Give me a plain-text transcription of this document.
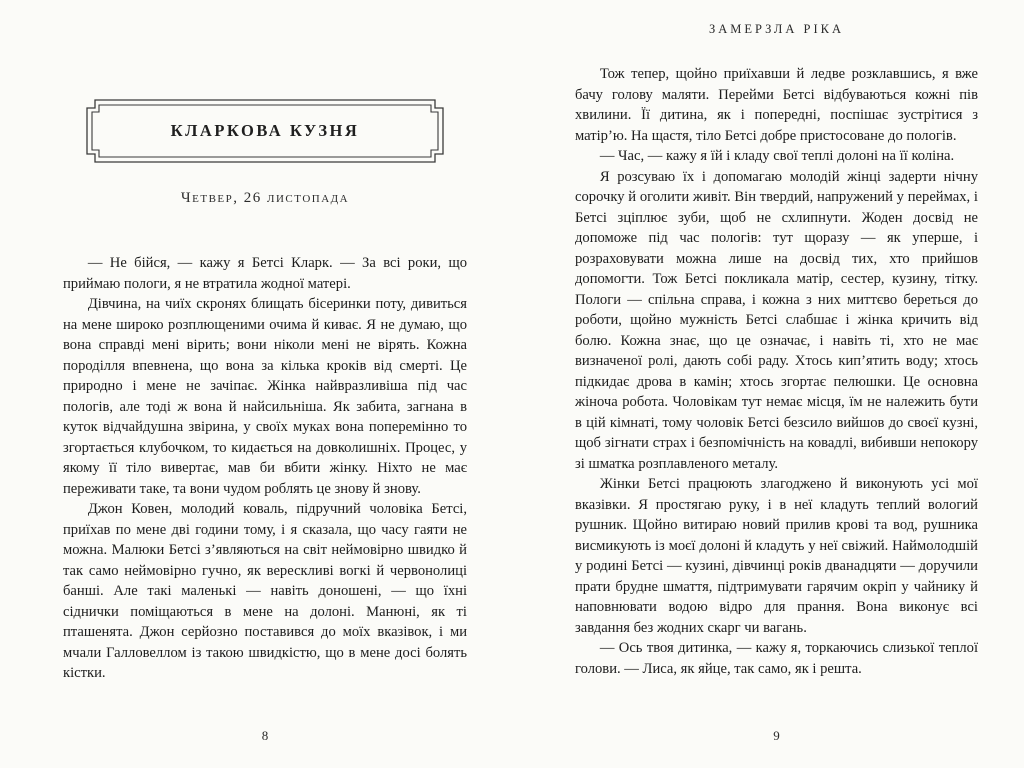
КЛАРКОВА КУЗНЯ
Четвер, 26 листопада

— Не бійся, — кажу я Бетсі Кларк. — За всі роки, що приймаю пологи, я не втратила жодної матері.

Дівчина, на чиїх скронях блищать бісеринки поту, дивиться на мене широко розплющеними очима й киває. Я не думаю, що вона справді мені вірить; вони ніколи мені не вірять. Кожна породілля впевнена, що вона за кілька кроків від смерті. Це природно і мене не зачіпає. Жінка найвразливіша під час пологів, але тоді ж вона й найсильніша. Як забита, загнана в куток відчайдушна звірина, у своїх муках вона поперемінно то згортається клубочком, то кидається на довколишніх. Процес, у якому її тіло вивертає, мав би вбити жінку. Ніхто не має переживати таке, та вони чудом роблять це знову й знову.

Джон Ковен, молодий коваль, підручний чоловіка Бетсі, приїхав по мене дві години тому, і я сказала, що часу гаяти не можна. Малюки Бетсі з’являються на світ неймовірно швидко й так само неймовірно гучно, як верескливі вогкі й червонолиці банші. Але такі маленькі — навіть доношені, — що їхні сіднички поміщаються в мене на долоні. Манюні, як ті пташенята. Джон серйозно поставився до моїх вказівок, і ми мчали Галловеллом із такою швидкістю, що в мене досі болять кістки.

8
ЗАМЕРЗЛА РІКА

Тож тепер, щойно приїхавши й ледве розклавшись, я вже бачу голову маляти. Перейми Бетсі відбуваються кожні пів хвилини. Її дитина, як і попередні, поспішає зустрітися з матір’ю. На щастя, тіло Бетсі добре пристосоване до пологів.

— Час, — кажу я їй і кладу свої теплі долоні на її коліна.

Я розсуваю їх і допомагаю молодій жінці задерти нічну сорочку й оголити живіт. Він твердий, напружений у переймах, і Бетсі зціплює зуби, щоб не схлипнути. Жоден досвід не допоможе під час пологів: тут щоразу — як уперше, і розраховувати можна лише на досвід тих, хто прийшов допомогти. Тож Бетсі покликала матір, сестер, кузину, тітку. Пологи — спільна справа, і кожна з них миттєво береться до роботи, щойно мужність Бетсі слабшає і жінка кричить від болю. Кожна знає, що це означає, і навіть ті, хто не має визначеної ролі, дають собі раду. Хтось кип’ятить воду; хтось підкидає дрова в камін; хтось згортає пелюшки. Це основна жіноча робота. Чоловікам тут немає місця, їм не належить бути в цій кімнаті, тому чоловік Бетсі безсило вийшов до своєї кузні, щоб зігнати страх і безпомічність на ковадлі, вибивши непокору зі шматка розплавленого металу.

Жінки Бетсі працюють злагоджено й виконують усі мої вказівки. Я простягаю руку, і в неї кладуть теплий вологий рушник. Щойно витираю новий прилив крові та вод, рушника висмикують із моєї долоні й кладуть у неї свіжий. Наймолодшій у родині Бетсі — кузині, дівчинці років дванадцяти — доручили прати брудне шмаття, підтримувати гарячим окріп у чайнику й наповнювати водою відро для прання. Вона виконує всі завдання без жодних скарг чи вагань.

— Ось твоя дитинка, — кажу я, торкаючись слизької теплої голови. — Лиса, як яйце, так само, як і решта.

9
